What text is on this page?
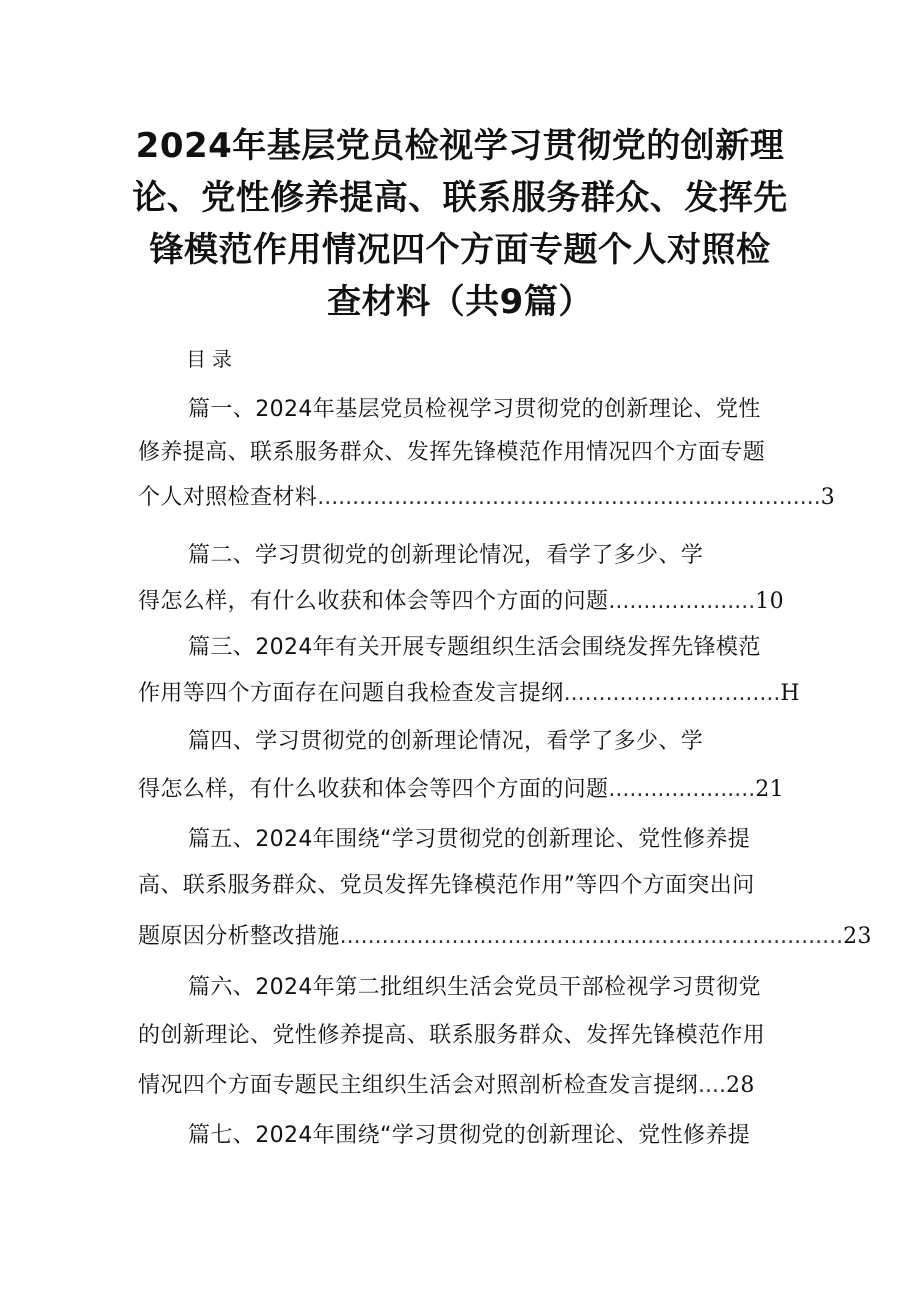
2024年基层党员检视学习贯彻党的创新理
论、党性修养提高、联系服务群众、发挥先
锋模范作用情况四个方面专题个人对照检
查材料（共9篇）
目录
篇一、2024年基层党员检视学习贯彻党的创新理论、党性
修养提高、联系服务群众、发挥先锋模范作用情况四个方面专题
个人对照检查材料........................................................................3
篇二、学习贯彻党的创新理论情况，看学了多少、学
得怎么样，有什么收获和体会等四个方面的问题.....................10
篇三、2024年有关开展专题组织生活会围绕发挥先锋模范
作用等四个方面存在问题自我检查发言提纲...............................H
篇四、学习贯彻党的创新理论情况，看学了多少、学
得怎么样，有什么收获和体会等四个方面的问题.....................21
篇五、2024年围绕“学习贯彻党的创新理论、党性修养提
高、联系服务群众、党员发挥先锋模范作用”等四个方面突出问
题原因分析整改措施........................................................................23
篇六、2024年第二批组织生活会党员干部检视学习贯彻党
的创新理论、党性修养提高、联系服务群众、发挥先锋模范作用
情况四个方面专题民主组织生活会对照剖析检查发言提纲....28
篇七、2024年围绕“学习贯彻党的创新理论、党性修养提
